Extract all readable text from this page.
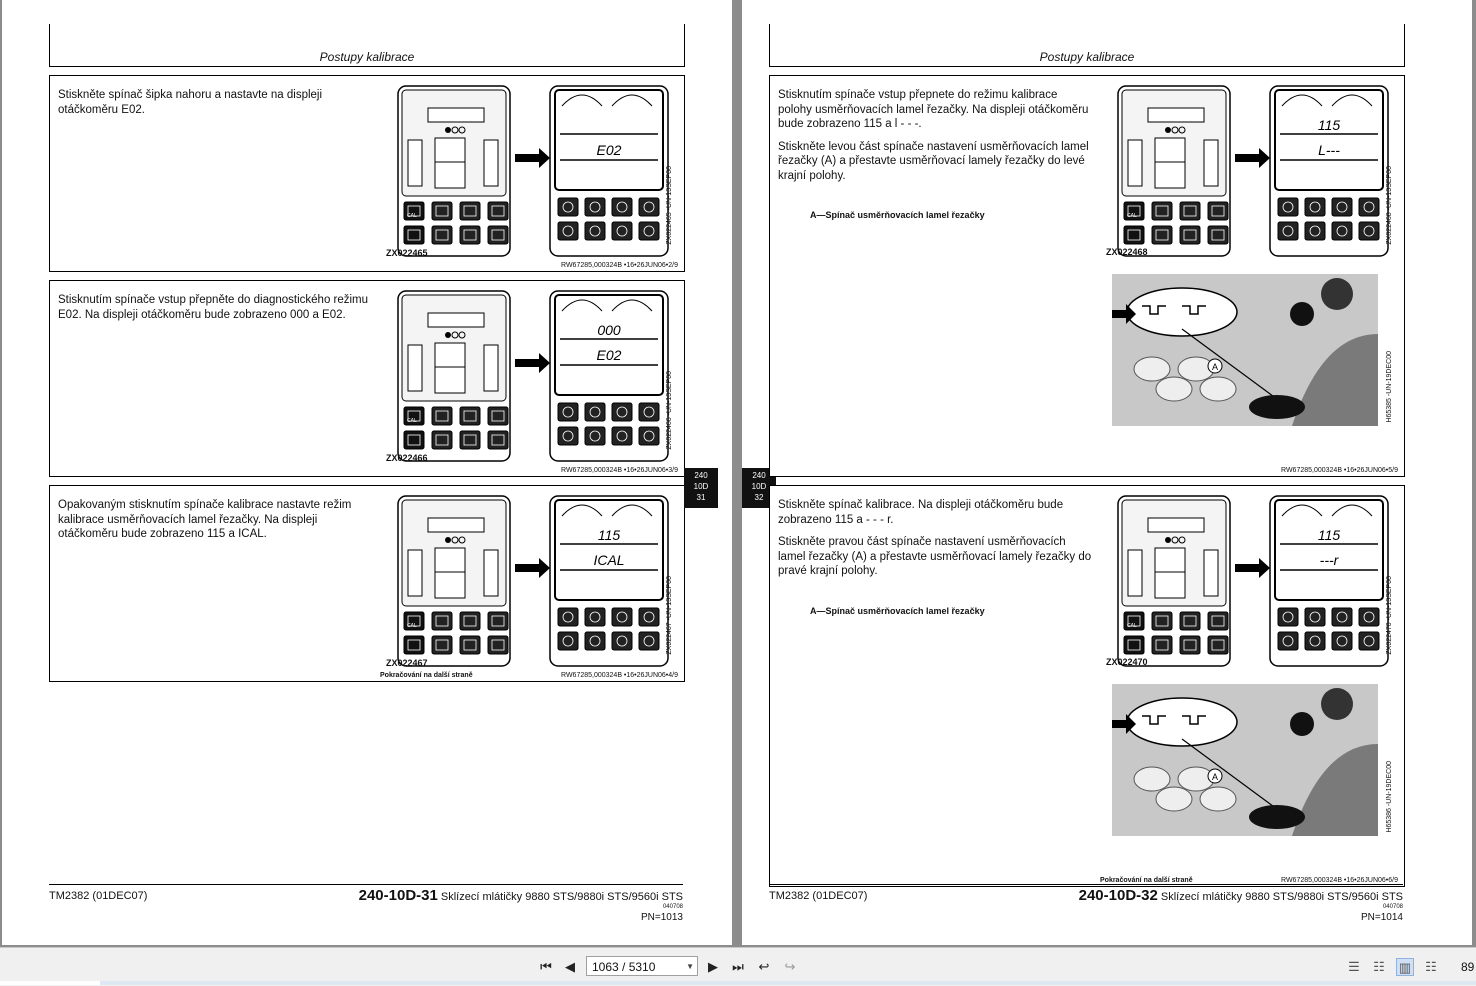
Postupy kalibrace

Stiskněte spínač šipka nahoru a nastavte na displeji otáčkoměru E02.

CAL
E02
ZX022465
ZX022465 -UN-13SEP00
RW67285,000324B •16•26JUN06•2/9

Stisknutím spínače vstup přepněte do diagnostického režimu E02. Na displeji otáčkoměru bude zobrazeno 000 a E02.

CAL
000
E02
ZX022466
ZX022466 -UN-13SEP00
RW67285,000324B •16•26JUN06•3/9

Opakovaným stisknutím spínače kalibrace nastavte režim kalibrace usměrňovacích lamel řezačky. Na displeji otáčkoměru bude zobrazeno 115 a ICAL.

CAL
115
ICAL
ZX022467
ZX022467 -UN-13SEP00
Pokračování na další straně	RW67285,000324B •16•26JUN06•4/9
240
10D
31
TM2382 (01DEC07)	240-10D-31 Sklízecí mlátičky 9880 STS/9880i STS/9560i STS
040708
PN=1013
Postupy kalibrace
240
10D
32

Stisknutím spínače vstup přepnete do režimu kalibrace polohy usměrňovacích lamel řezačky. Na displeji otáčkoměru bude zobrazeno 115 a l - - -.

Stiskněte levou část spínače nastavení usměrňovacích lamel řezačky (A) a přestavte usměrňovací lamely řezačky do levé krajní polohy.

A—Spínač usměrňovacích lamel řezačky	CAL
115
L---
ZX022468
ZX022468 -UN-13SEP00
A	H65385 -UN-19DEC00
RW67285,000324B •16•26JUN06•5/9

Stiskněte spínač kalibrace. Na displeji otáčkoměru bude zobrazeno 115 a - - - r.

Stiskněte pravou část spínače nastavení usměrňovacích lamel řezačky (A) a přestavte usměrňovací lamely řezačky do pravé krajní polohy.

A—Spínač usměrňovacích lamel řezačky
CAL
115
---r
ZX022470
ZX022470 -UN-13SEP00
A	H65386 -UN-19DEC00
Pokračování na další straně	RW67285,000324B •16•26JUN06•6/9
TM2382 (01DEC07)	240-10D-32 Sklízecí mlátičky 9880 STS/9880i STS/9560i STS
040708
PN=1014
⏮	◀	1063 / 5310	▼	▶	⏭ ↩ ↪	☰ ☷ ▥ ☷ 89
